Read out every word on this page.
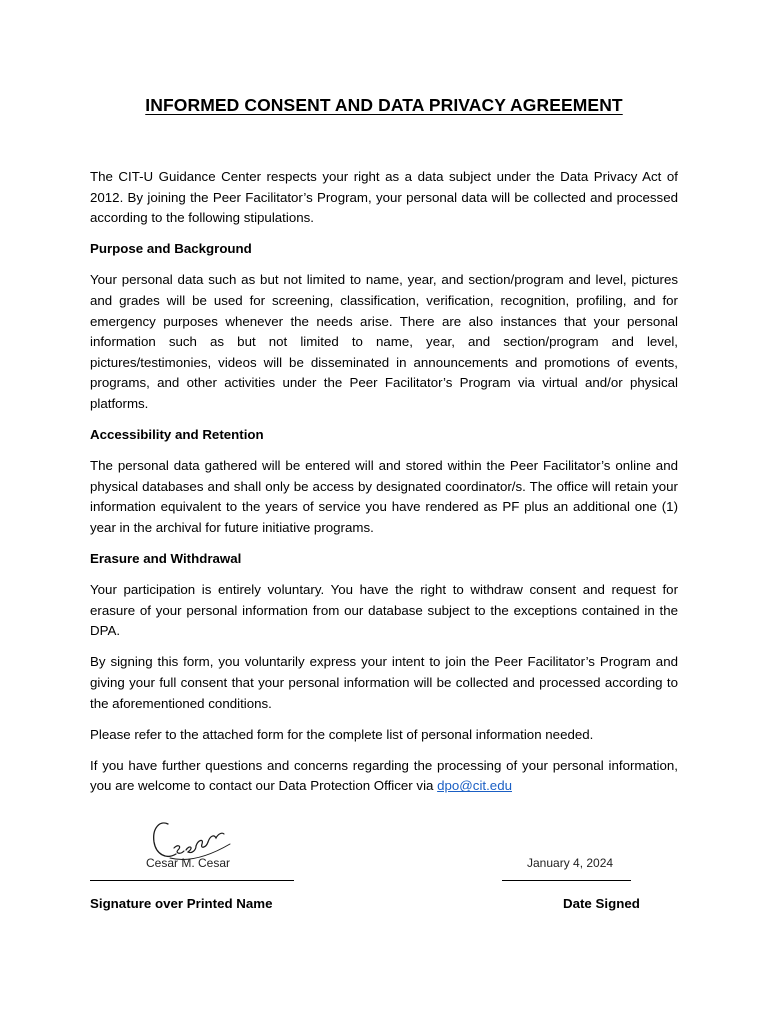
INFORMED CONSENT AND DATA PRIVACY AGREEMENT

The CIT-U Guidance Center respects your right as a data subject under the Data Privacy Act of 2012. By joining the Peer Facilitator’s Program, your personal data will be collected and processed according to the following stipulations.

Purpose and Background

Your personal data such as but not limited to name, year, and section/program and level, pictures and grades will be used for screening, classification, verification, recognition, profiling, and for emergency purposes whenever the needs arise. There are also instances that your personal information such as but not limited to name, year, and section/program and level, pictures/testimonies, videos will be disseminated in announcements and promotions of events, programs, and other activities under the Peer Facilitator’s Program via virtual and/or physical platforms.

Accessibility and Retention

The personal data gathered will be entered will and stored within the Peer Facilitator’s online and physical databases and shall only be access by designated coordinator/s. The office will retain your information equivalent to the years of service you have rendered as PF plus an additional one (1) year in the archival for future initiative programs.

Erasure and Withdrawal

Your participation is entirely voluntary. You have the right to withdraw consent and request for erasure of your personal information from our database subject to the exceptions contained in the DPA.

By signing this form, you voluntarily express your intent to join the Peer Facilitator’s Program and giving your full consent that your personal information will be collected and processed according to the aforementioned conditions.

Please refer to the attached form for the complete list of personal information needed.

If you have further questions and concerns regarding the processing of your personal information, you are welcome to contact our Data Protection Officer via dpo@cit.edu

Cesar M. Cesar	January 4, 2024
Signature over Printed Name	Date Signed
